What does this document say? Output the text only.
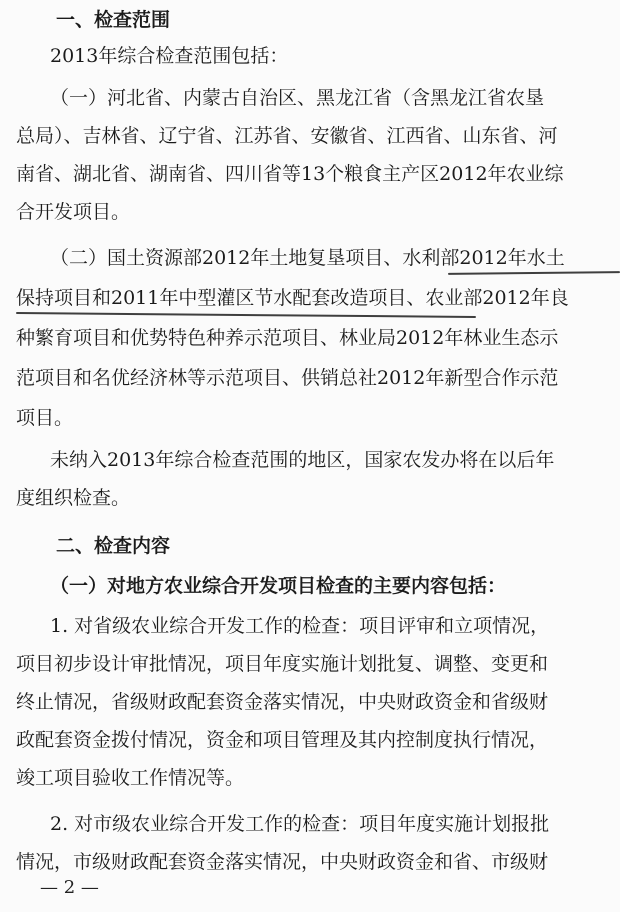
一、检查范围
2013年综合检查范围包括：
（一）河北省、内蒙古自治区、黑龙江省（含黑龙江省农垦
总局）、吉林省、辽宁省、江苏省、安徽省、江西省、山东省、河
南省、湖北省、湖南省、四川省等13个粮食主产区2012年农业综
合开发项目。
（二）国土资源部2012年土地复垦项目、水利部2012年水土
保持项目和2011年中型灌区节水配套改造项目、农业部2012年良
种繁育项目和优势特色种养示范项目、林业局2012年林业生态示
范项目和名优经济林等示范项目、供销总社2012年新型合作示范
项目。
未纳入2013年综合检查范围的地区，国家农发办将在以后年
度组织检查。
二、检查内容
（一）对地方农业综合开发项目检查的主要内容包括：
1. 对省级农业综合开发工作的检查：项目评审和立项情况，
项目初步设计审批情况，项目年度实施计划批复、调整、变更和
终止情况，省级财政配套资金落实情况，中央财政资金和省级财
政配套资金拨付情况，资金和项目管理及其内控制度执行情况，
竣工项目验收工作情况等。
2. 对市级农业综合开发工作的检查：项目年度实施计划报批
情况，市级财政配套资金落实情况，中央财政资金和省、市级财
— 2 —
